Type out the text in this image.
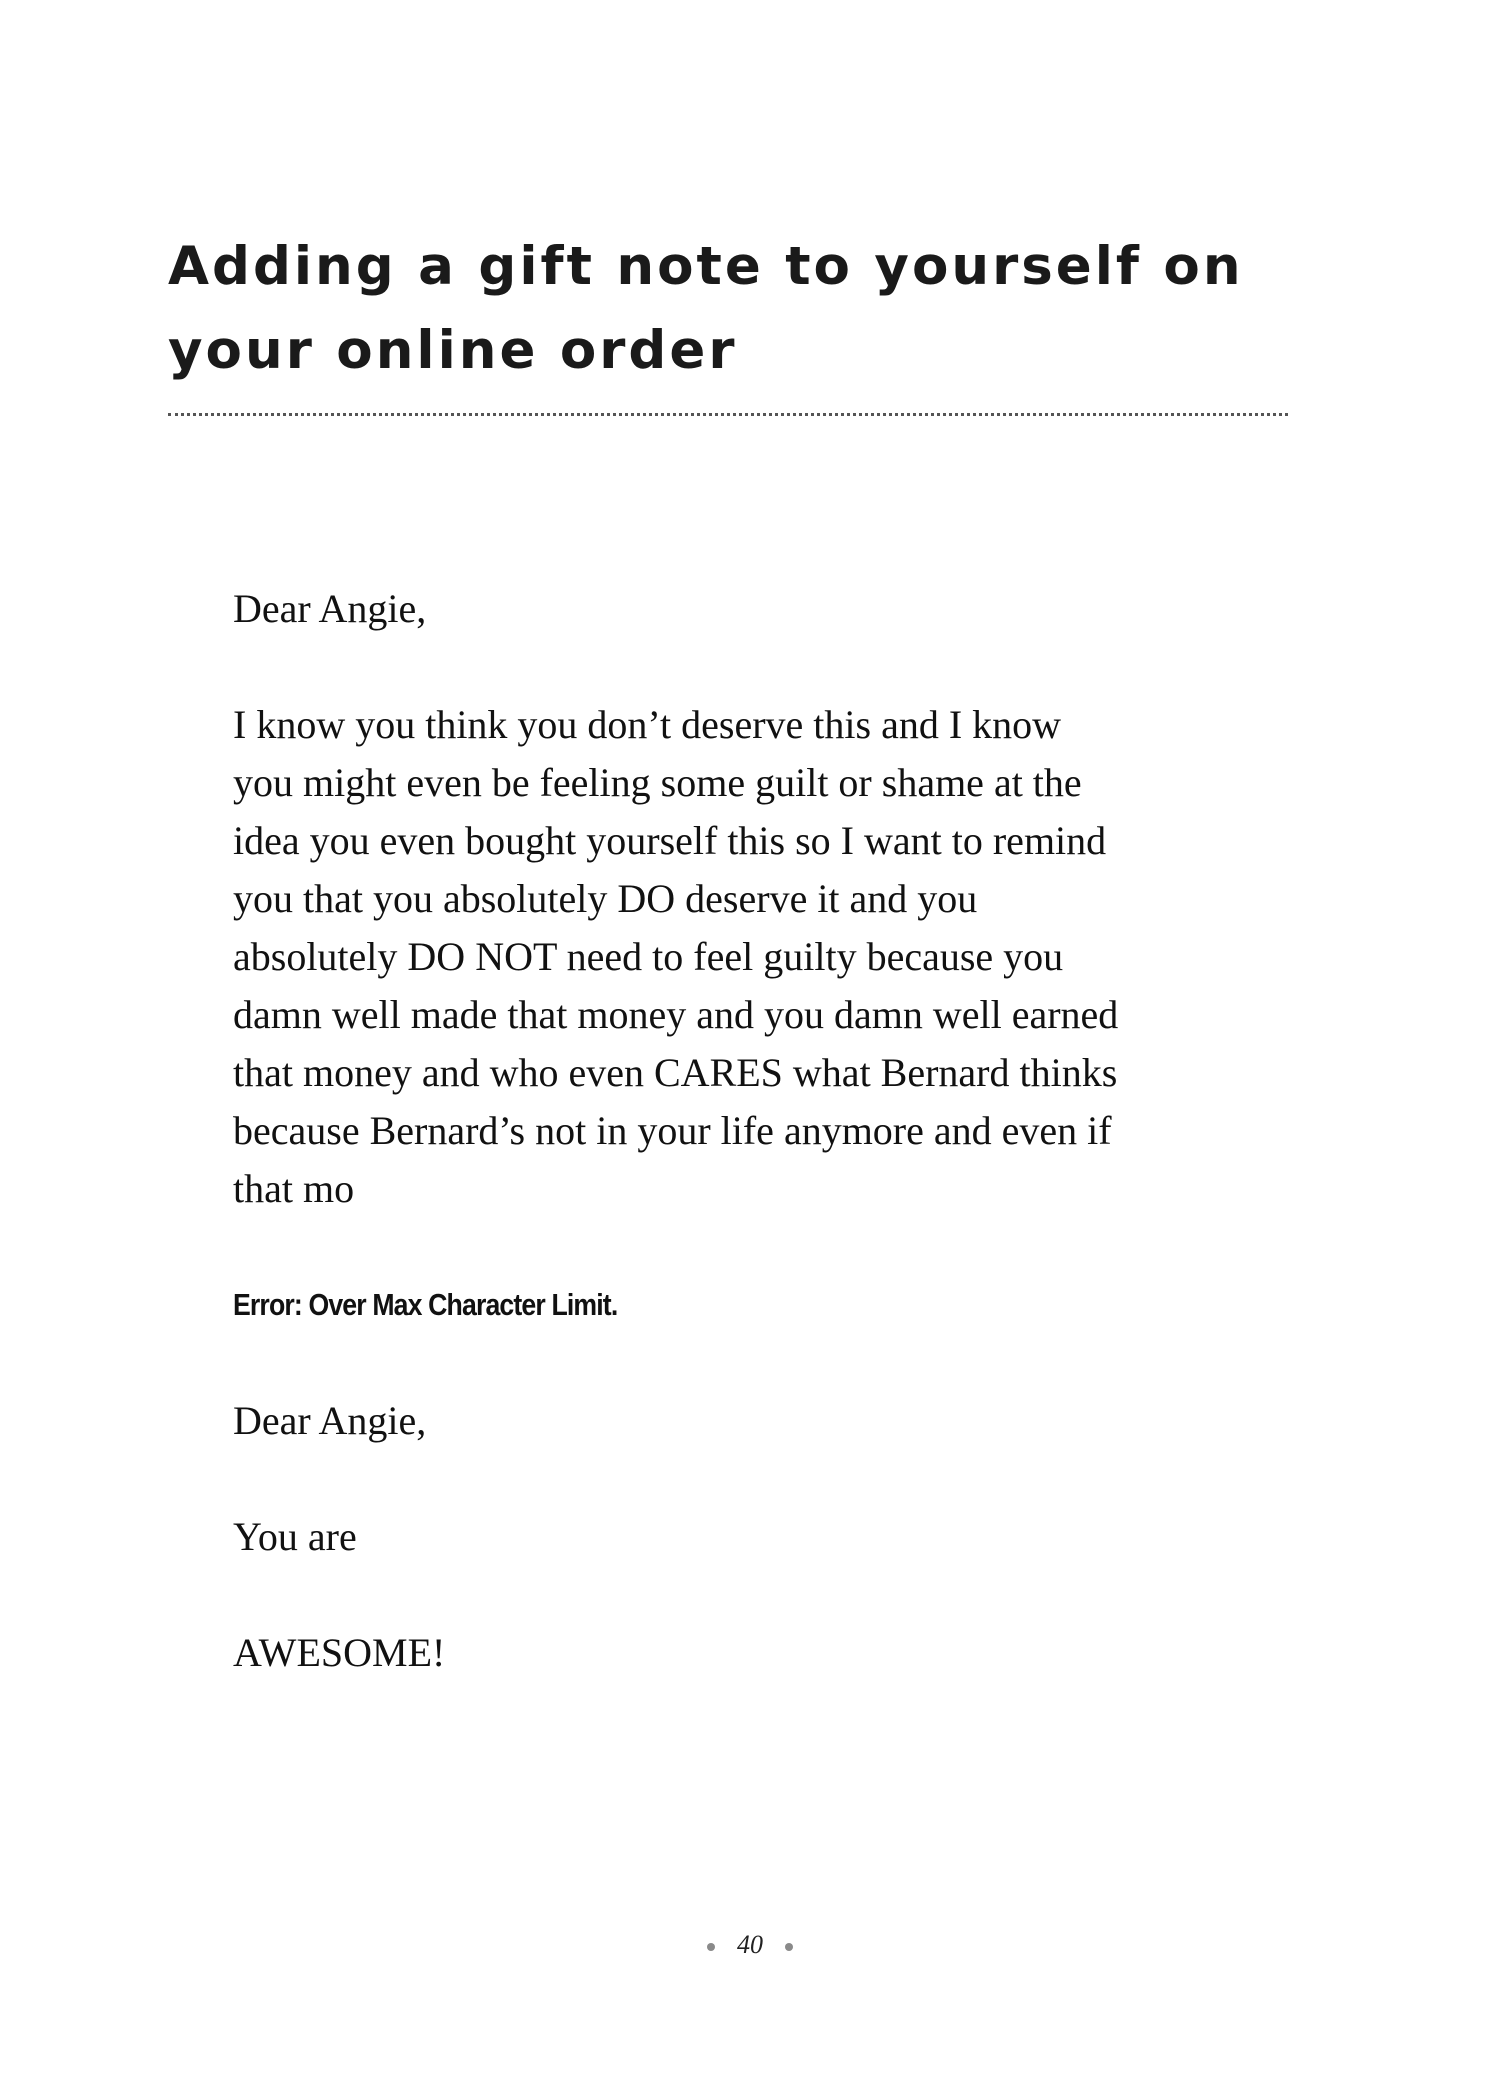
Adding a gift note to yourself on your online order

Dear Angie,

I know you think you don’t deserve this and I know
you might even be feeling some guilt or shame at the
idea you even bought yourself this so I want to remind
you that you absolutely DO deserve it and you
absolutely DO NOT need to feel guilty because you
damn well made that money and you damn well earned
that money and who even CARES what Bernard thinks
because Bernard’s not in your life anymore and even if
that mo

Error: Over Max Character Limit.

Dear Angie,

You are

AWESOME!

40
